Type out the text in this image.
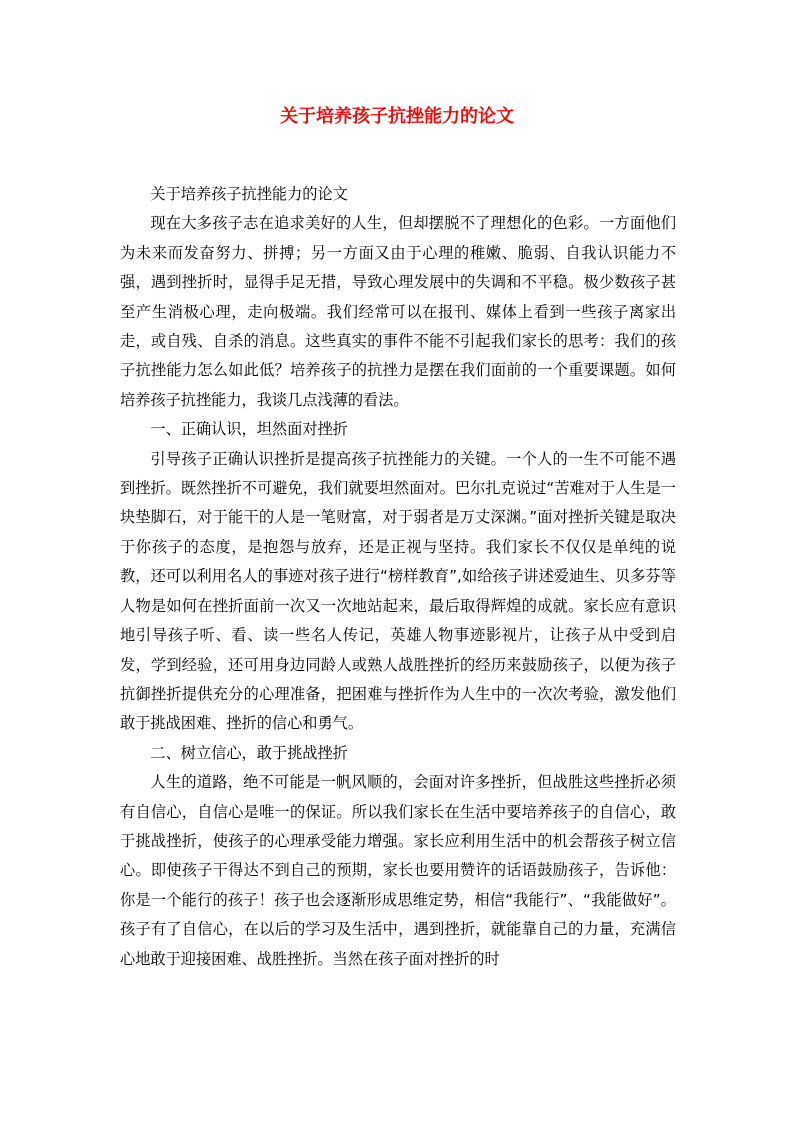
关于培养孩子抗挫能力的论文

关于培养孩子抗挫能力的论文

现在大多孩子志在追求美好的人生，但却摆脱不了理想化的色彩。一方面他们为未来而发奋努力、拼搏；另一方面又由于心理的稚嫩、脆弱、自我认识能力不强，遇到挫折时，显得手足无措，导致心理发展中的失调和不平稳。极少数孩子甚至产生消极心理，走向极端。我们经常可以在报刊、媒体上看到一些孩子离家出走，或自残、自杀的消息。这些真实的事件不能不引起我们家长的思考：我们的孩子抗挫能力怎么如此低？培养孩子的抗挫力是摆在我们面前的一个重要课题。如何培养孩子抗挫能力，我谈几点浅薄的看法。

一、正确认识，坦然面对挫折

引导孩子正确认识挫折是提高孩子抗挫能力的关键。一个人的一生不可能不遇到挫折。既然挫折不可避免，我们就要坦然面对。巴尔扎克说过“苦难对于人生是一块垫脚石，对于能干的人是一笔财富，对于弱者是万丈深渊。”面对挫折关键是取决于你孩子的态度，是抱怨与放弃，还是正视与坚持。我们家长不仅仅是单纯的说教，还可以利用名人的事迹对孩子进行“榜样教育”,如给孩子讲述爱迪生、贝多芬等人物是如何在挫折面前一次又一次地站起来，最后取得辉煌的成就。家长应有意识地引导孩子听、看、读一些名人传记，英雄人物事迹影视片，让孩子从中受到启发，学到经验，还可用身边同龄人或熟人战胜挫折的经历来鼓励孩子，以便为孩子抗御挫折提供充分的心理准备，把困难与挫折作为人生中的一次次考验，激发他们敢于挑战困难、挫折的信心和勇气。

二、树立信心，敢于挑战挫折

人生的道路，绝不可能是一帆风顺的，会面对许多挫折，但战胜这些挫折必须有自信心，自信心是唯一的保证。所以我们家长在生活中要培养孩子的自信心，敢于挑战挫折，使孩子的心理承受能力增强。家长应利用生活中的机会帮孩子树立信心。即使孩子干得达不到自己的预期，家长也要用赞许的话语鼓励孩子，告诉他：你是一个能行的孩子！孩子也会逐渐形成思维定势，相信“我能行”、“我能做好”。孩子有了自信心，在以后的学习及生活中，遇到挫折，就能靠自己的力量，充满信心地敢于迎接困难、战胜挫折。当然在孩子面对挫折的时
